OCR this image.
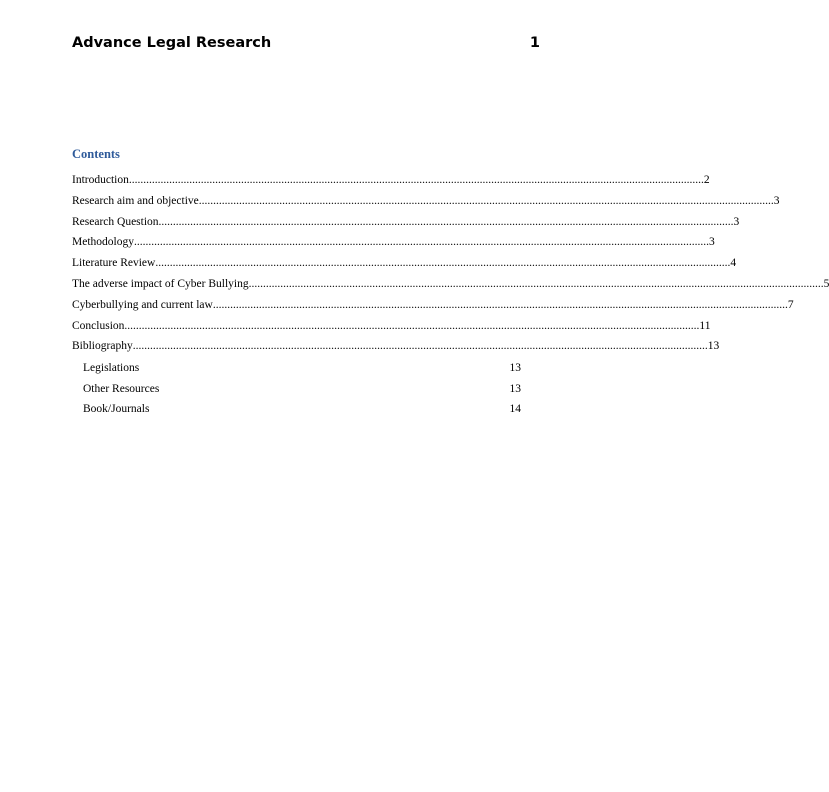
Advance Legal Research	1
Contents
Introduction ........................................................................................................................................................................................................ 2
Research aim and objective ........................................................................................................................................................................................................ 3
Research Question ........................................................................................................................................................................................................ 3
Methodology ........................................................................................................................................................................................................ 3
Literature Review ........................................................................................................................................................................................................ 4
The adverse impact of Cyber Bullying ........................................................................................................................................................................................................ 5
Cyberbullying and current law ........................................................................................................................................................................................................ 7
Conclusion ........................................................................................................................................................................................................ 11
Bibliography ........................................................................................................................................................................................................ 13
Legislations	13
Other Resources	13
Book/Journals	14
